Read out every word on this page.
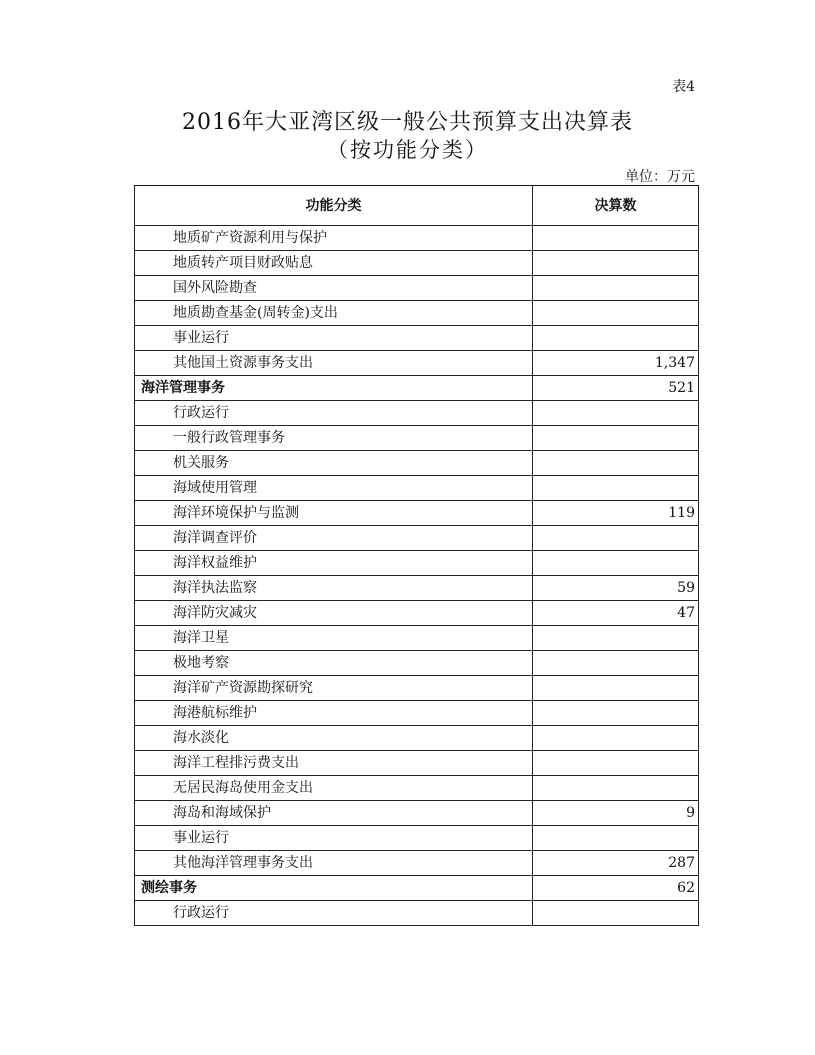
表4
2016年大亚湾区级一般公共预算支出决算表
（按功能分类）
单位：万元
功能分类	决算数
地质矿产资源利用与保护	
地质转产项目财政贴息	
国外风险勘查	
地质勘查基金(周转金)支出	
事业运行	
其他国土资源事务支出	1,347
海洋管理事务	521
行政运行	
一般行政管理事务	
机关服务	
海域使用管理	
海洋环境保护与监测	119
海洋调查评价	
海洋权益维护	
海洋执法监察	59
海洋防灾减灾	47
海洋卫星	
极地考察	
海洋矿产资源勘探研究	
海港航标维护	
海水淡化	
海洋工程排污费支出	
无居民海岛使用金支出	
海岛和海域保护	9
事业运行	
其他海洋管理事务支出	287
测绘事务	62
行政运行	
